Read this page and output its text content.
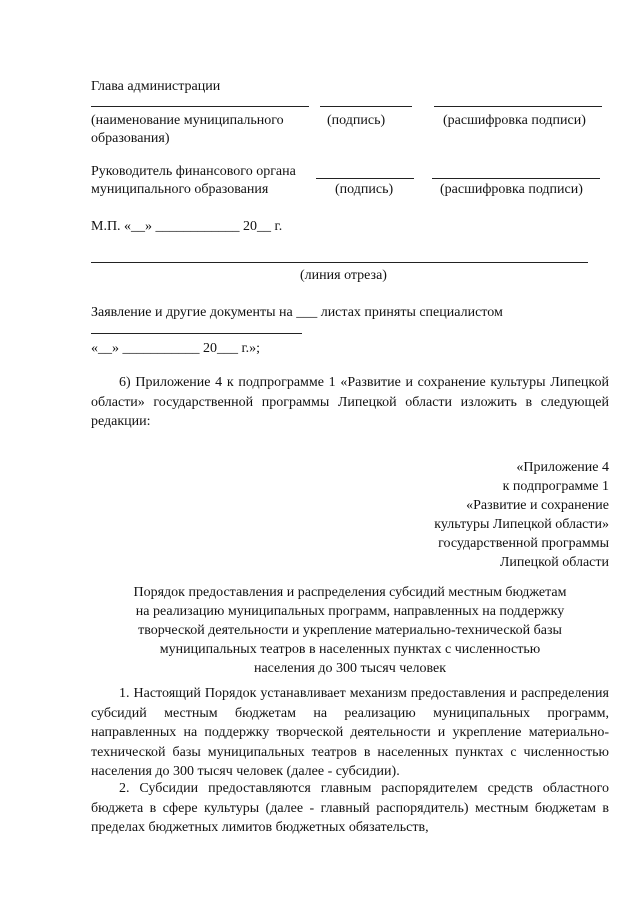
Глава администрации
(наименование муниципального	(подпись)	(расшифровка подписи)
образования)
Руководитель финансового органа
муниципального образования	(подпись)	(расшифровка подписи)
М.П. «__» ____________ 20__ г.
(линия отреза)
Заявление и другие документы на ___ листах приняты специалистом
«__» ___________ 20___ г.»;

6) Приложение 4 к подпрограмме 1 «Развитие и сохранение культуры Липецкой области» государственной программы Липецкой области изложить в следующей редакции:

«Приложение 4
к подпрограмме 1
«Развитие и сохранение
культуры Липецкой области»
государственной программы
Липецкой области
Порядок предоставления и распределения субсидий местным бюджетам
на реализацию муниципальных программ, направленных на поддержку
творческой деятельности и укрепление материально-технической базы
муниципальных театров в населенных пунктах с численностью
населения до 300 тысяч человек

1. Настоящий Порядок устанавливает механизм предоставления и распределения субсидий местным бюджетам на реализацию муниципальных программ, направленных на поддержку творческой деятельности и укрепление материально-технической базы муниципальных театров в населенных пунктах с численностью населения до 300 тысяч человек (далее - субсидии).

2. Субсидии предоставляются главным распорядителем средств областного бюджета в сфере культуры (далее - главный распорядитель) местным бюджетам в пределах бюджетных лимитов бюджетных обязательств,
